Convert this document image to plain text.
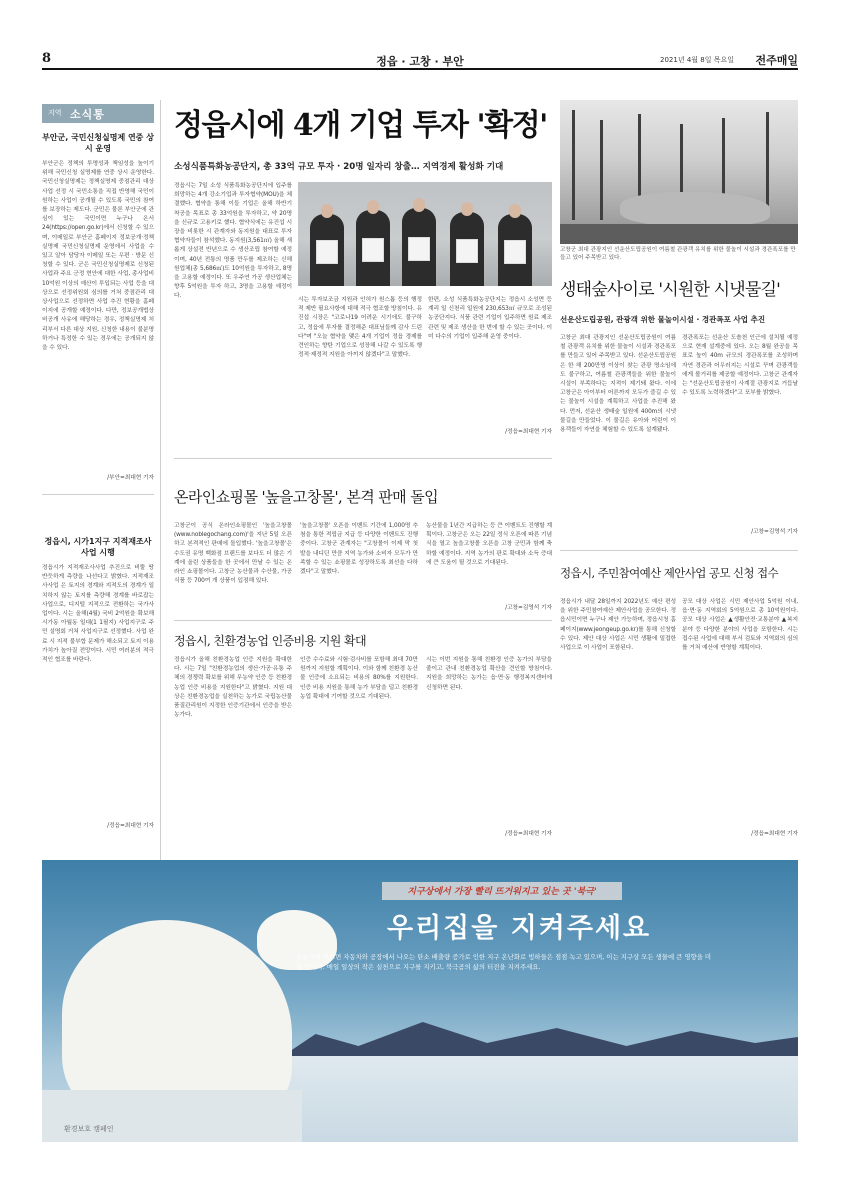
8	정읍 · 고창 · 부안	2021년 4월 8일 목요일 전주매일
지역 소식통
부안군, 국민신청실명제 연중 상시 운영
부안군은 정책의 투명성과 책임성을 높이기 위해 국민신청 실명제를 연중 상시 운영한다. 국민신청실명제는 정책실명제 중점관리 대상사업 선정 시 국민소통을 직접 반영해 국민이 원하는 사업이 공개될 수 있도록 국민의 참여를 보장하는 제도다. 군민은 물론 부안군에 관심이 있는 국민이면 누구나 온서 24(https://open.go.kr)에서 신청할 수 있으며, 이메일로 부안군 홈페이지 정보공개·정책실명제 국민신청실명제 운영에서 사업을 수 있고 알아 담당자 이메일 또는 우편 · 방문 신청할 수 있다. 군은 국민신청실명제로 신청된 사업과 주요 군정 현안에 대한 사업, 총사업비 10억원 이상의 예산이 투입되는 사업 등을 대상으로 선정위원회 심의를 거쳐 중점관리 대상사업으로 선정하면 사업 추진 현황을 홈페이지에 공개할 예정이다. 다만, 정보공개법상 비공개 사유에 해당하는 경우, 정책실명제 처리부서 다른 대상 지원, 신청한 내용이 불분명하거나 특정한 수 있는 경우에는 공개되지 않을 수 있다.
/부안=최대현 기자
정읍시, 시가1지구 지적재조사사업 시행
정읍시가 지적재조사사업 추진으로 비뚤 땅 반듯하게 측량을 나선다고 밝혔다. 지적재조사사업 은 토지의 경계와 지적도의 경계가 일치하지 않는 토지를 측량해 경계를 바로잡는 사업으로, 디지털 지적으로 전환하는 국가사업이다. 시는 올해(4월) 국비 2억원을 확보해 시가동 아월동 일대(1 1필지) 사업지구로 주민 설명회 거쳐 사업지구로 선정했다. 사업 완료 시 지적 불부합 문제가 해소되고 토지 이용 가치가 높아질 전망이다. 시민 여러분의 적극적인 협조를 바란다.
/정읍=최대현 기자
정읍시에 4개 기업 투자 '확정'
소성식품특화농공단지, 총 33억 규모 투자 · 20명 일자리 창출… 지역경제 활성화 기대
정읍시는 7일 소성 식품특화농공단지에 입주를 희망하는 4개 강소기업과 투자협약(MOU)을 체결했다. 협약을 통해 이들 기업은 올해 하반기 착공을 목표로 총 33억원을 투자하고, 약 20명을 신규로 고용키로 했다. 협약식에는 유진섭 시장을 비롯한 시 관계자와 동지원을 대표로 투자 협약자들이 참석했다. 동지원(3,561㎡) 올해 새롭게 상설전 반년으로 수 생산조립 참여할 예정이며, 40년 전통의 명품 만두를 제조하는 신해원업체(총 5,686㎡)도 10억원을 투자하고, 8명을 고용할 예정이다. 또 우주연 가공 생산업체는 향후 5억원을 투자 하고, 3명을 고용할 예정이다.
시는 투자보조금 지원과 인허가 원스톱 등의 행정적 제반 필요사항에 대해 적극 협조할 방침이다. 유진섭 시장은 "코로나19 어려운 시기에도 불구하고, 정읍에 투자를 결정해준 대표님들께 감사 드린다"며 "오늘 협약을 맺은 4개 기업이 정읍 경제를 견인하는 향탄 기업으로 성장해 나갈 수 있도록 행정적·제정적 지원을 아끼지 않겠다"고 말했다.
한편, 소성 식품특화농공단지는 정읍시 소성면 등계리 일 신천리 일원에 230,653㎡ 규모로 조성된 농공단지다. 식품 관련 기업이 입주하면 원료 제조 관련 및 제조 생산을 한 번에 할 수 있는 곳이다. 이미 다수의 기업이 입주해 운영 중이다.
/정읍=최대현 기자
고창군 최대 관광지인 선운산도립공원이 여름철 관광객 유치를 위한 물놀이 시설과 경관폭포를 만들고 있어 주목받고 있다.
생태숲사이로 '시원한 시냇물길'
선운산도립공원, 관광객 위한 물놀이시설 · 경관폭포 사업 추진
고창군 최대 관광지인 선운산도립공원이 여름철 관광객 유치를 위한 물놀이 시설과 경관폭포를 만들고 있어 주목받고 있다. 선운산도립공원은 한 해 200만명 이상이 찾는 관광 명소임에도 불구하고, 여름철 관광객들을 위한 물놀이 시설이 부족하다는 지적이 제기돼 왔다. 이에 고창군은 아이부터 어른까지 모두가 즐길 수 있는 물놀이 시설을 계획하고 사업을 추진해 왔다. 먼저, 선운산 생태숲 일원에 400m의 시냇물길을 만들었다. 이 물길은 유아와 어린이 이용객들이 자연을 체험할 수 있도록 설계됐다.
경관폭포는 선운산 도솔천 인근에 설치될 예정으로 현재 설계중에 있다. 오는 8월 완공을 목표로 높이 40m 규모의 경관폭포를 조성하며 자연 경관과 어우러지는 시설로 꾸며 관광객들에게 볼거리를 제공할 예정이다. 고창군 관계자는 "선운산도립공원이 사계절 관광지로 거듭날 수 있도록 노력하겠다"고 포부를 밝혔다.
/고창=김영석 기자
온라인쇼핑몰 '높을고창몰', 본격 판매 돌입
고창군이 공식 온라인쇼핑몰인 '높을고창몰(www.noblegochang.com)'을 지난 5일 오픈하고 본격적인 판매에 돌입했다. '높을고창몰'은 수도권 유명 백화점 브랜드를 보다도 더 많은 기계에 올린 상품들을 한 곳에서 만날 수 있는 온라인 쇼핑몰이다. 고창군 농산물과 수산물, 가공식품 등 700여 개 상품이 입점해 있다.
'높을고창몰' 오픈을 이벤트 기간에 1,000명 추첨을 통한 적립금 지급 등 다양한 이벤트도 진행 중이다. 고창군 관계자는 "고창몰이 이제 막 첫발을 내디딘 만큼 지역 농가와 소비자 모두가 만족할 수 있는 쇼핑몰로 성장하도록 최선을 다하겠다"고 말했다.
농산물을 1년간 지급하는 등 큰 이벤트도 진행할 계획이다. 고창군은 오는 22일 정식 오픈에 따른 기념식을 열고 높을고창몰 오픈을 고창 군민과 함께 축하할 예정이다. 지역 농가의 판로 확대와 소득 증대에 큰 도움이 될 것으로 기대된다.
/고창=김영석 기자
정읍시, 친환경농업 인증비용 지원 확대
정읍시가 올해 친환경농업 인증 지원을 확대한다. 시는 7일 "친환경농업의 생산·가공·유통 주체의 경쟁력 확보를 위해 무농약 인증 등 친환경농업 인증 비용을 지원한다"고 밝혔다. 지원 대상은 친환경농업을 실천하는 농가로 국립농산물품질관리원이 지정한 인증기관에서 인증을 받은 농가다.
인증 수수료와 시험·검사비를 포함해 최대 70만원까지 지원할 계획이다. 이와 함께 친환경 농산물 인증에 소요되는 비용의 80%를 지원한다. 인증 비용 지원을 통해 농가 부담을 덜고 친환경 농업 확대에 기여할 것으로 기대된다.
시는 이번 지원을 통해 친환경 인증 농가의 부담을 줄이고 관내 친환경농업 확산을 견인할 방침이다. 지원을 희망하는 농가는 읍·면·동 행정복지센터에 신청하면 된다.
/정읍=최대현 기자
정읍시, 주민참여예산 제안사업 공모 신청 접수
정읍시가 내달 28일까지 2022년도 예산 편성을 위한 주민참여예산 제안사업을 공모한다. 정읍시민이면 누구나 제안 가능하며, 정읍시청 홈페이지(www.jeongeup.go.kr)를 통해 신청할 수 있다. 제안 대상 사업은 시민 생활에 밀접한 사업으로 이 사업이 포함된다.
공모 대상 사업은 시민 제안사업 5억원 이내, 읍·면·동 지역회의 5억원으로 총 10억원이다. 공모 대상 사업은 ▲생활안전·교통분야 ▲복지분야 등 다양한 분야의 사업을 포함한다. 시는 접수된 사업에 대해 부서 검토와 지역회의 심의를 거쳐 예산에 반영할 계획이다.
/정읍=최대현 기자
지구상에서 가장 빨리 뜨거워지고 있는 곳 '북극'
우리집을 지켜주세요
전문가에 따르면 자동차와 공장에서 나오는 탄소 배출량 증가로 인한 지구 온난화로 빙하들은 점점 녹고 있으며, 이는 지구상 모든 생물에 큰 영향을 미칠 것이다. 매일 일상의 작은 실천으로 지구를 지키고, 북극곰의 삶의 터전을 지켜주세요.
환경보호 캠페인
